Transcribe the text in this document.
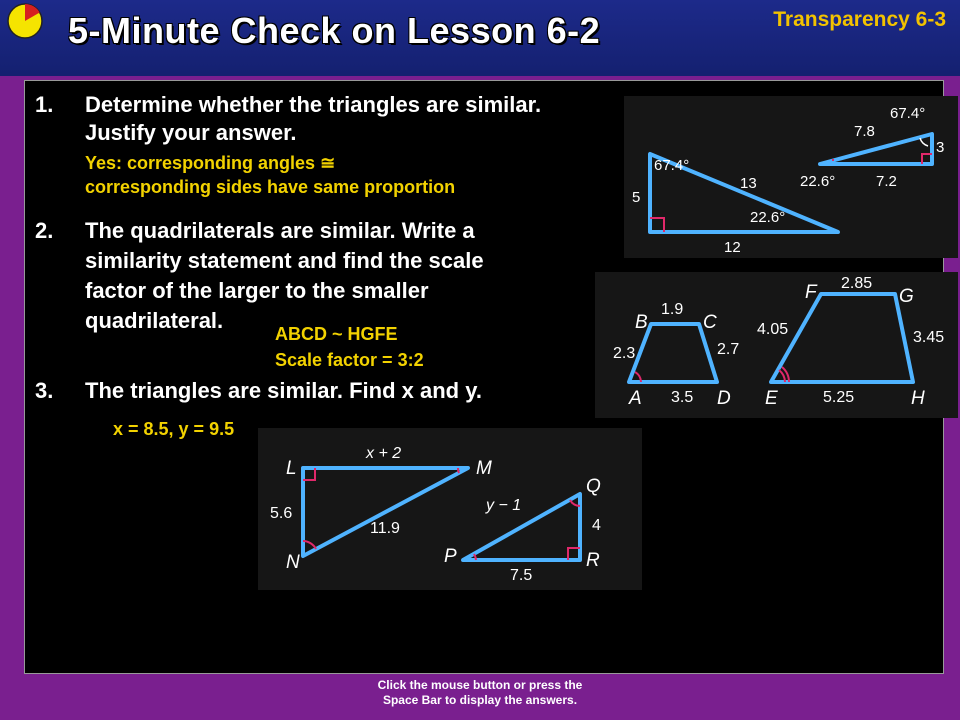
5-Minute Check on Lesson 6-2	Transparency 6-3
1. Determine whether the triangles are similar.
Justify your answer.
Yes: corresponding angles ≅
corresponding sides have same proportion
2. The quadrilaterals are similar. Write a
similarity statement and find the scale
factor of the larger to the smaller
quadrilateral.
ABCD ~ HGFE
Scale factor = 3:2
3. The triangles are similar. Find x and y.
x = 8.5, y = 9.5
L	M
N
Q
P	R
x + 2
5.6
11.9
y − 1
4
7.5
67.4°
5
13
22.6°
12
67.4°
7.8
3
22.6°	7.2
B	C
A	D
1.9
2.3	2.7
3.5
F	G
E	H
2.85
4.05	3.45
5.25
Click the mouse button or press the
Space Bar to display the answers.
